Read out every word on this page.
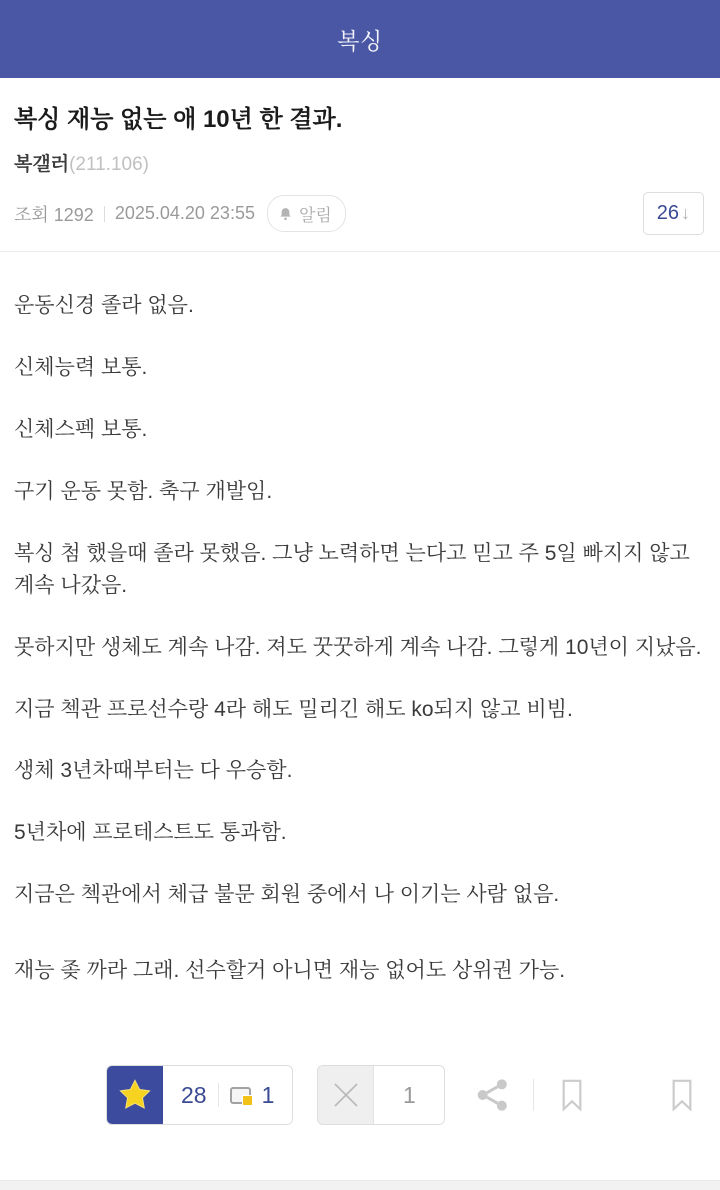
복싱
복싱 재능 없는 애 10년 한 결과.
복갤러 (211.106)
조회 1292 2025.04.20 23:55	알림	26 ↓

운동신경 졸라 없음.

신체능력 보통.

신체스펙 보통.

구기 운동 못함. 축구 개발임.

복싱 첨 했을때 졸라 못했음. 그냥 노력하면 는다고 믿고 주 5일 빠지지 않고 계속 나갔음.

못하지만 생체도 계속 나감. 져도 꿋꿋하게 계속 나감. 그렇게 10년이 지났음.

지금 첵관 프로선수랑 4라 해도 밀리긴 해도 ko되지 않고 비빔.

생체 3년차때부터는 다 우승함.

5년차에 프로테스트도 통과함.

지금은 첵관에서 체급 불문 회원 중에서 나 이기는 사람 없음.

재능 좆 까라 그래. 선수할거 아니면 재능 없어도 상위권 가능.

28 1	1
